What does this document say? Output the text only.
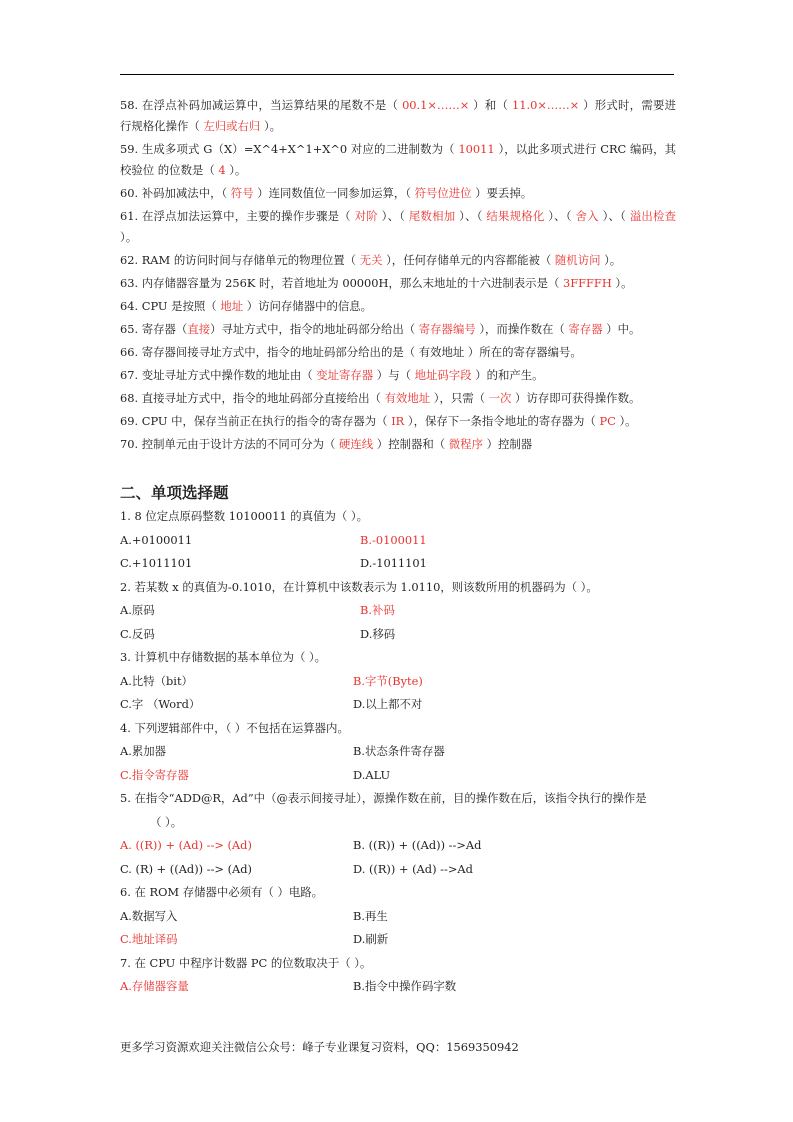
58. 在浮点补码加减运算中，当运算结果的尾数不是（ 00.1×……× ）和（ 11.0×……× ）形式时，需要进行规格化操作（ 左归或右归 ）。
59. 生成多项式 G（X）=X^4+X^1+X^0 对应的二进制数为（ 10011 ），以此多项式进行 CRC 编码，其校验位 的位数是（ 4 ）。
60. 补码加减法中，（ 符号 ）连同数值位一同参加运算，（ 符号位进位 ）要丢掉。
61. 在浮点加法运算中，主要的操作步骤是（ 对阶 ）、（ 尾数相加 ）、（ 结果规格化 ）、（ 舍入 ）、（ 溢出检查 ）。
62. RAM 的访问时间与存储单元的物理位置（ 无关 ），任何存储单元的内容都能被（ 随机访问 ）。
63. 内存储器容量为 256K 时，若首地址为 00000H，那么末地址的十六进制表示是（ 3FFFFH ）。
64. CPU 是按照（ 地址 ）访问存储器中的信息。
65. 寄存器（直接）寻址方式中，指令的地址码部分给出（ 寄存器编号 ），而操作数在（ 寄存器 ）中。
66. 寄存器间接寻址方式中，指令的地址码部分给出的是（ 有效地址 ）所在的寄存器编号。
67. 变址寻址方式中操作数的地址由（ 变址寄存器 ）与（ 地址码字段 ）的和产生。
68. 直接寻址方式中，指令的地址码部分直接给出（ 有效地址 ），只需（ 一次 ）访存即可获得操作数。
69. CPU 中，保存当前正在执行的指令的寄存器为（ IR ），保存下一条指令地址的寄存器为（ PC ）。
70. 控制单元由于设计方法的不同可分为（ 硬连线 ）控制器和（ 微程序 ）控制器
二、单项选择题
1. 8 位定点原码整数 10100011 的真值为（ ）。
A.+0100011	B.-0100011
C.+1011101	D.-1011101
2. 若某数 x 的真值为-0.1010，在计算机中该数表示为 1.0110，则该数所用的机器码为（ ）。
A.原码	B.补码
C.反码	D.移码
3. 计算机中存储数据的基本单位为（ ）。
A.比特（bit）	B.字节(Byte)
C.字 （Word）	D.以上都不对
4. 下列逻辑部件中，（ ）不包括在运算器内。
A.累加器	B.状态条件寄存器
C.指令寄存器	D.ALU
5. 在指令“ADD@R，Ad”中（@表示间接寻址），源操作数在前，目的操作数在后，该指令执行的操作是
（ ）。
A. ((R)) + (Ad) --> (Ad)	B. ((R)) + ((Ad)) -->Ad
C. (R) + ((Ad)) --> (Ad)	D. ((R)) + (Ad) -->Ad
6. 在 ROM 存储器中必须有（ ）电路。
A.数据写入	B.再生
C.地址译码	D.刷新
7. 在 CPU 中程序计数器 PC 的位数取决于（ ）。
A.存储器容量	B.指令中操作码字数
更多学习资源欢迎关注微信公众号：峰子专业课复习资料，QQ：1569350942
